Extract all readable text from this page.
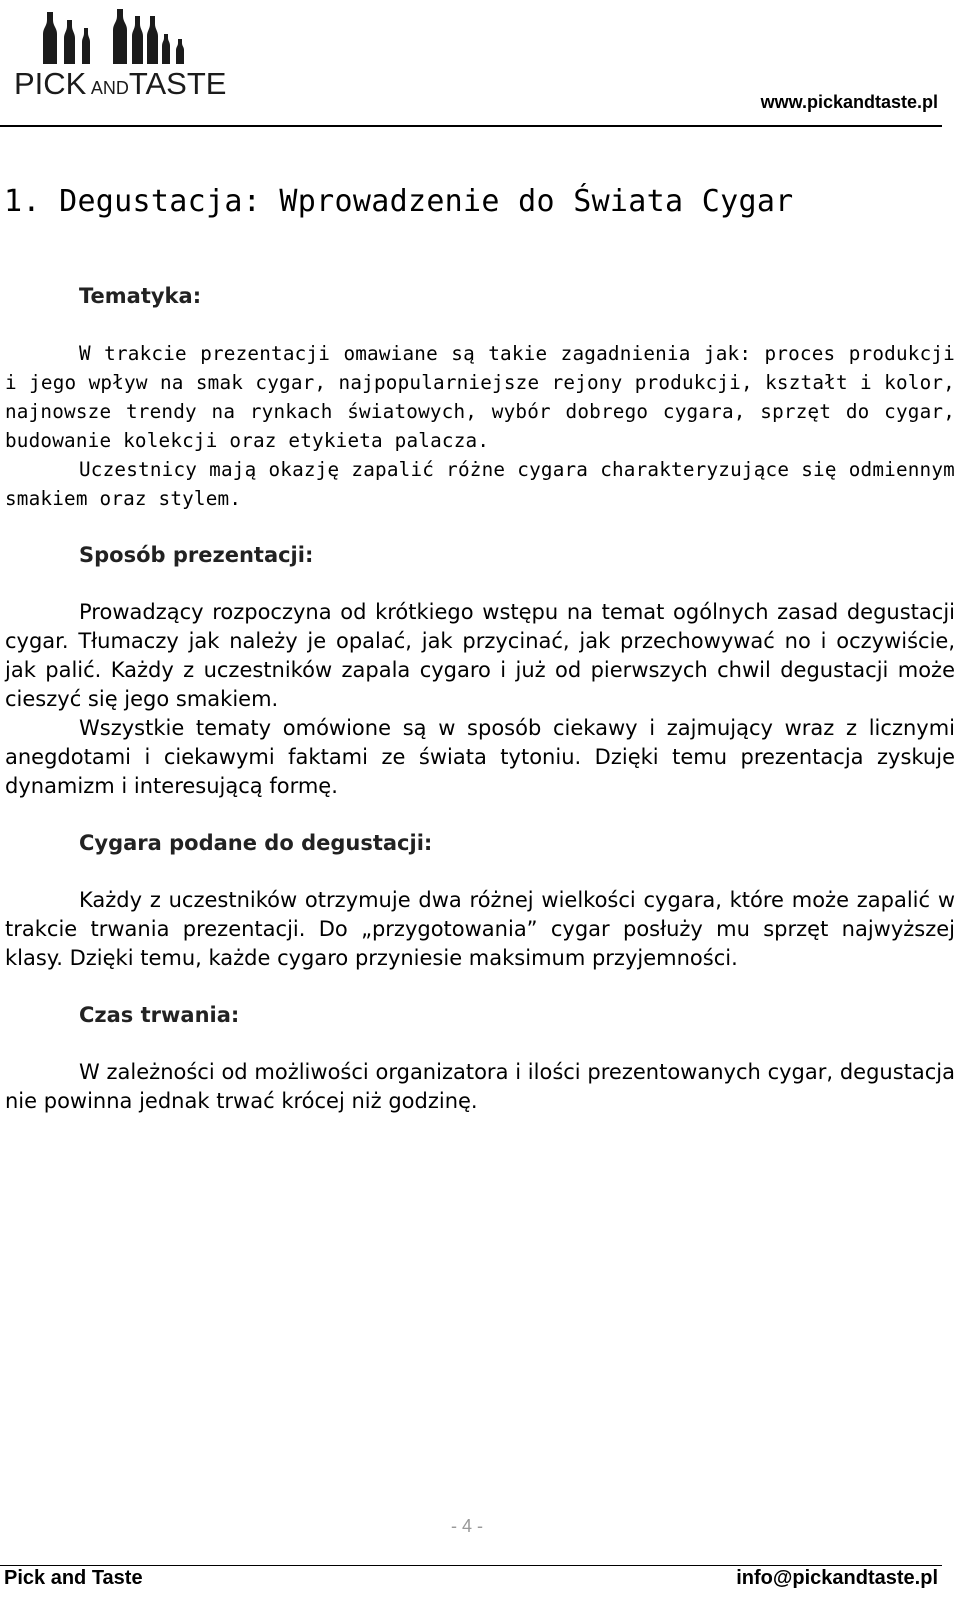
PICK ANDTASTE
www.pickandtaste.pl
1. Degustacja: Wprowadzenie do Świata Cygar
Tematyka:

W trakcie prezentacji omawiane są takie zagadnienia jak: proces produkcji i jego wpływ na smak cygar, najpopularniejsze rejony produkcji, kształt i kolor, najnowsze trendy na rynkach światowych, wybór dobrego cygara, sprzęt do cygar, budowanie kolekcji oraz etykieta palacza.

Uczestnicy mają okazję zapalić różne cygara charakteryzujące się odmiennym smakiem oraz stylem.

Sposób prezentacji:

Prowadzący rozpoczyna od krótkiego wstępu na temat ogólnych zasad degustacji cygar. Tłumaczy jak należy je opalać, jak przycinać, jak przechowywać no i oczywiście, jak palić. Każdy z uczestników zapala cygaro i już od pierwszych chwil degustacji może cieszyć się jego smakiem.

Wszystkie tematy omówione są w sposób ciekawy i zajmujący wraz z licznymi anegdotami i ciekawymi faktami ze świata tytoniu. Dzięki temu prezentacja zyskuje dynamizm i interesującą formę.

Cygara podane do degustacji:

Każdy z uczestników otrzymuje dwa różnej wielkości cygara, które może zapalić w trakcie trwania prezentacji. Do „przygotowania” cygar posłuży mu sprzęt najwyższej klasy. Dzięki temu, każde cygaro przyniesie maksimum przyjemności.

Czas trwania:

W zależności od możliwości organizatora i ilości prezentowanych cygar, degustacja nie powinna jednak trwać krócej niż godzinę.

- 4 -
Pick and Taste	info@pickandtaste.pl
